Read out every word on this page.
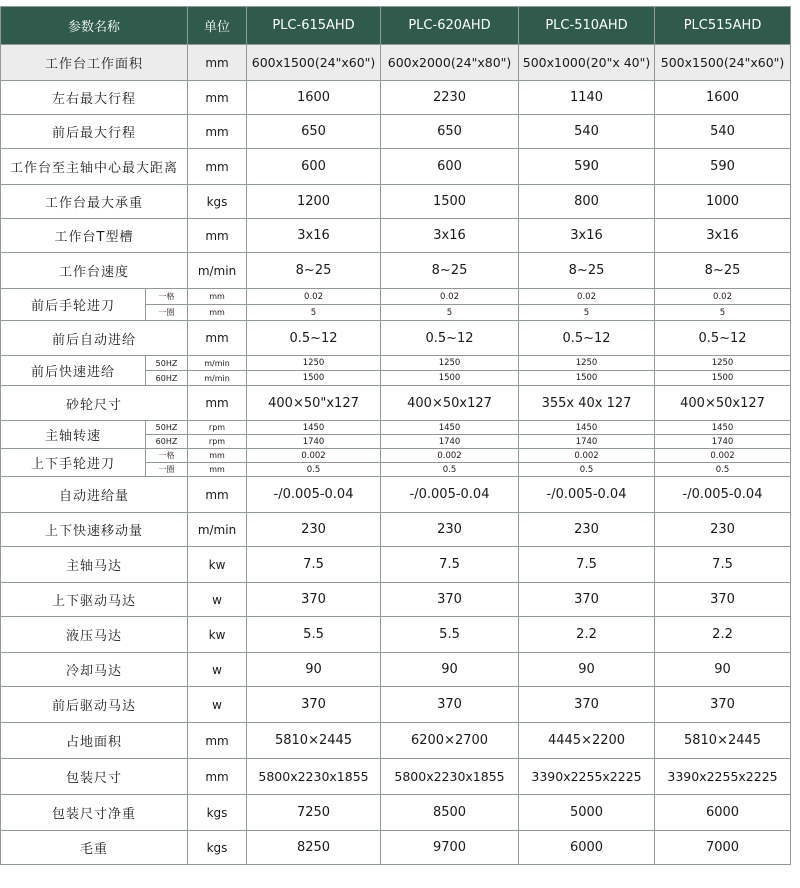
参数名称		单位	PLC-615AHD	PLC-620AHD	PLC-510AHD	PLC515AHD
工作台工作面积		mm	600x1500(24"x60")	600x2000(24"x80")	500x1000(20"x 40")	500x1500(24"x60")
左右最大行程		mm	1600	2230	1140	1600
前后最大行程		mm	650	650	540	540
工作台至主轴中心最大距离		mm	600	600	590	590
工作台最大承重		kgs	1200	1500	800	1000
工作台T型槽		mm	3x16	3x16	3x16	3x16
工作台速度		m/min	8~25	8~25	8~25	8~25
前后手轮进刀	一格	mm	0.02	0.02	0.02	0.02
	一圈	mm	5	5	5	5
前后自动进给		mm	0.5~12	0.5~12	0.5~12	0.5~12
前后快速进给	50HZ	m/min	1250	1250	1250	1250
	60HZ	m/min	1500	1500	1500	1500
砂轮尺寸		mm	400×50"x127	400×50x127	355x 40x 127	400×50x127
主轴转速	50HZ	rpm	1450	1450	1450	1450
	60HZ	rpm	1740	1740	1740	1740
上下手轮进刀	一格	mm	0.002	0.002	0.002	0.002
	一圈	mm	0.5	0.5	0.5	0.5
自动进给量		mm	-/0.005-0.04	-/0.005-0.04	-/0.005-0.04	-/0.005-0.04
上下快速移动量		m/min	230	230	230	230
主轴马达		kw	7.5	7.5	7.5	7.5
上下驱动马达		w	370	370	370	370
液压马达		kw	5.5	5.5	2.2	2.2
冷却马达		w	90	90	90	90
前后驱动马达		w	370	370	370	370
占地面积		mm	5810×2445	6200×2700	4445×2200	5810×2445
包装尺寸		mm	5800x2230x1855	5800x2230x1855	3390x2255x2225	3390x2255x2225
包装尺寸净重		kgs	7250	8500	5000	6000
毛重		kgs	8250	9700	6000	7000
